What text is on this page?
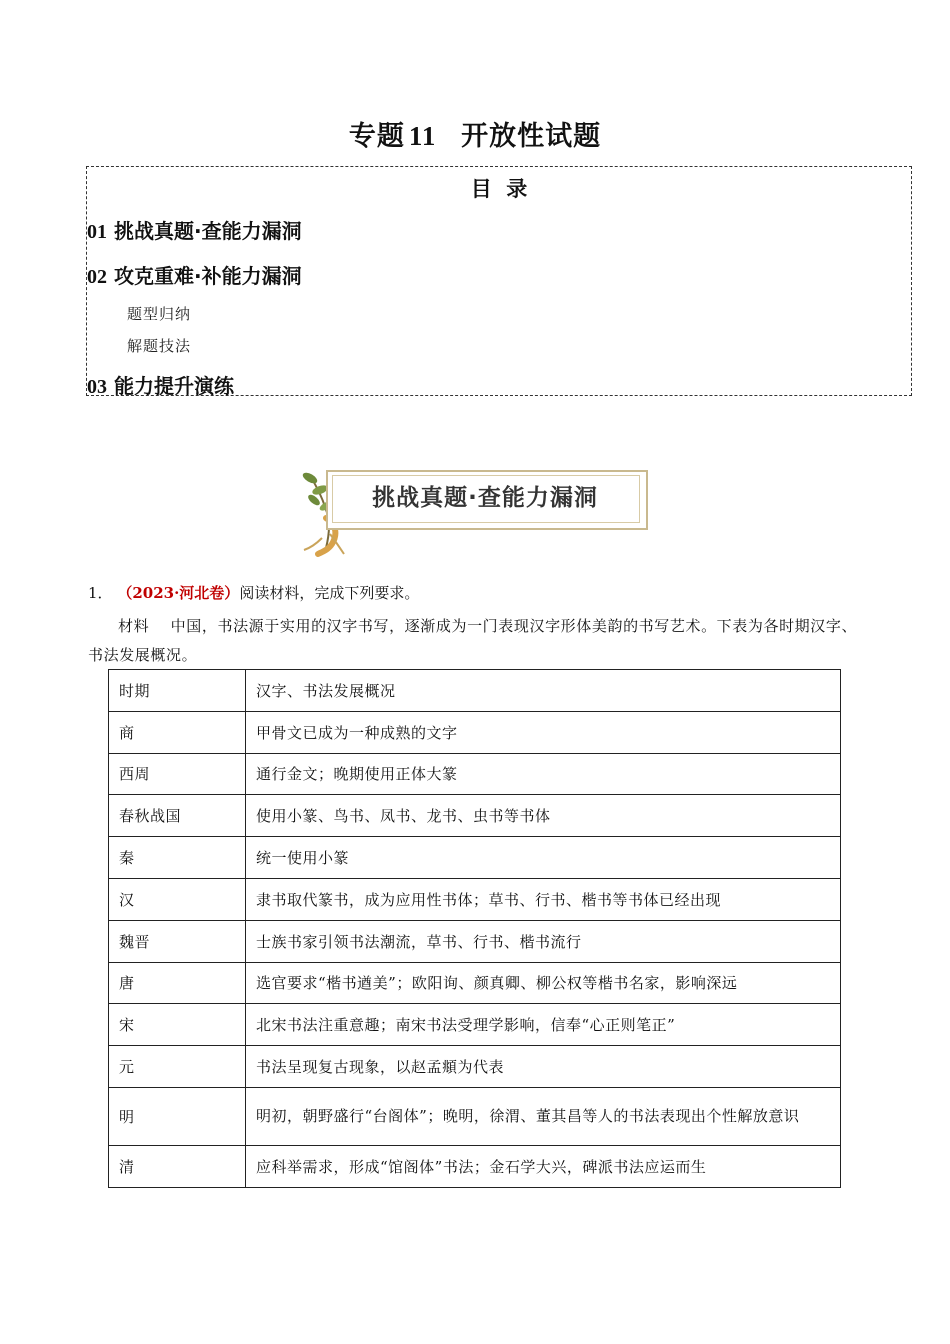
专题 11 开放性试题
目  录
01 挑战真题·查能力漏洞
02 攻克重难·补能力漏洞
题型归纳
解题技法
03 能力提升演练
挑战真题·查能力漏洞
1． （2023·河北卷）阅读材料，完成下列要求。
材料    中国，书法源于实用的汉字书写，逐渐成为一门表现汉字形体美韵的书写艺术。下表为各时期汉字、书法发展概况。
时期	汉字、书法发展概况
商	甲骨文已成为一种成熟的文字
西周	通行金文；晚期使用正体大篆
春秋战国	使用小篆、鸟书、凤书、龙书、虫书等书体
秦	统一使用小篆
汉	隶书取代篆书，成为应用性书体；草书、行书、楷书等书体已经出现
魏晋	士族书家引领书法潮流，草书、行书、楷书流行
唐	选官要求“楷书遒美”；欧阳询、颜真卿、柳公权等楷书名家，影响深远
宋	北宋书法注重意趣；南宋书法受理学影响，信奉“心正则笔正”
元	书法呈现复古现象，以赵孟頫为代表
明	明初，朝野盛行“台阁体”；晚明，徐渭、董其昌等人的书法表现出个性解放意识
清	应科举需求，形成“馆阁体”书法；金石学大兴，碑派书法应运而生
